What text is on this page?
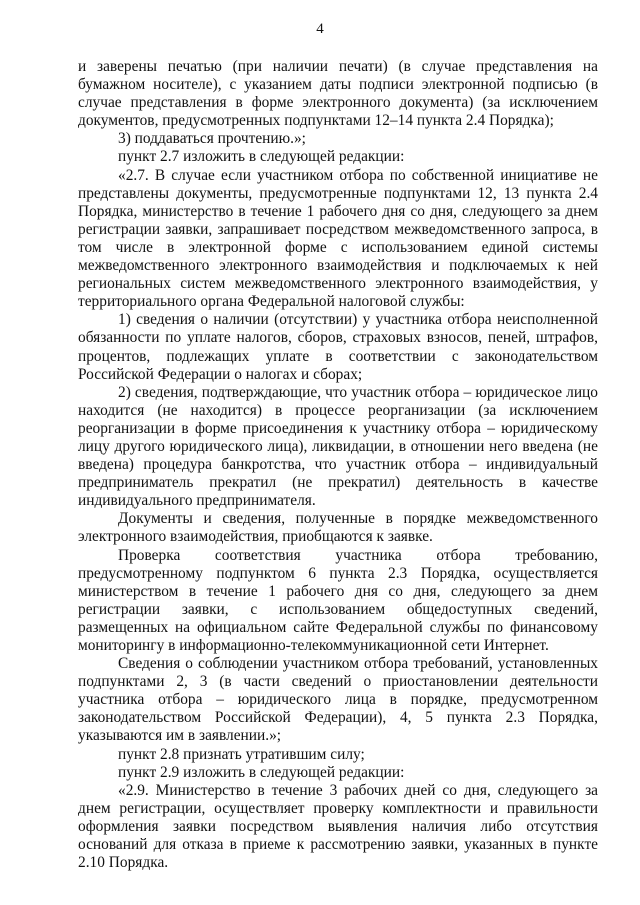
4

и заверены печатью (при наличии печати) (в случае представления на бумажном носителе), с указанием даты подписи электронной подписью (в случае представления в форме электронного документа) (за исключением документов, предусмотренных подпунктами 12–14 пункта 2.4 Порядка);

3) поддаваться прочтению.»;

пункт 2.7 изложить в следующей редакции:

«2.7. В случае если участником отбора по собственной инициативе не представлены документы, предусмотренные подпунктами 12, 13 пункта 2.4 Порядка, министерство в течение 1 рабочего дня со дня, следующего за днем регистрации заявки, запрашивает посредством межведомственного запроса, в том числе в электронной форме с использованием единой системы межведомственного электронного взаимодействия и подключаемых к ней региональных систем межведомственного электронного взаимодействия, у территориального органа Федеральной налоговой службы:

1) сведения о наличии (отсутствии) у участника отбора неисполненной обязанности по уплате налогов, сборов, страховых взносов, пеней, штрафов, процентов, подлежащих уплате в соответствии с законодательством Российской Федерации о налогах и сборах;

2) сведения, подтверждающие, что участник отбора – юридическое лицо находится (не находится) в процессе реорганизации (за исключением реорганизации в форме присоединения к участнику отбора – юридическому лицу другого юридического лица), ликвидации, в отношении него введена (не введена) процедура банкротства, что участник отбора – индивидуальный предприниматель прекратил (не прекратил) деятельность в качестве индивидуального предпринимателя.

Документы и сведения, полученные в порядке межведомственного электронного взаимодействия, приобщаются к заявке.

Проверка соответствия участника отбора требованию, предусмотренному подпунктом 6 пункта 2.3 Порядка, осуществляется министерством в течение 1 рабочего дня со дня, следующего за днем регистрации заявки, с использованием общедоступных сведений, размещенных на официальном сайте Федеральной службы по финансовому мониторингу в информационно-телекоммуникационной сети Интернет.

Сведения о соблюдении участником отбора требований, установленных подпунктами 2, 3 (в части сведений о приостановлении деятельности участника отбора – юридического лица в порядке, предусмотренном законодательством Российской Федерации), 4, 5 пункта 2.3 Порядка, указываются им в заявлении.»;

пункт 2.8 признать утратившим силу;

пункт 2.9 изложить в следующей редакции:

«2.9. Министерство в течение 3 рабочих дней со дня, следующего за днем регистрации, осуществляет проверку комплектности и правильности оформления заявки посредством выявления наличия либо отсутствия оснований для отказа в приеме к рассмотрению заявки, указанных в пункте 2.10 Порядка.
